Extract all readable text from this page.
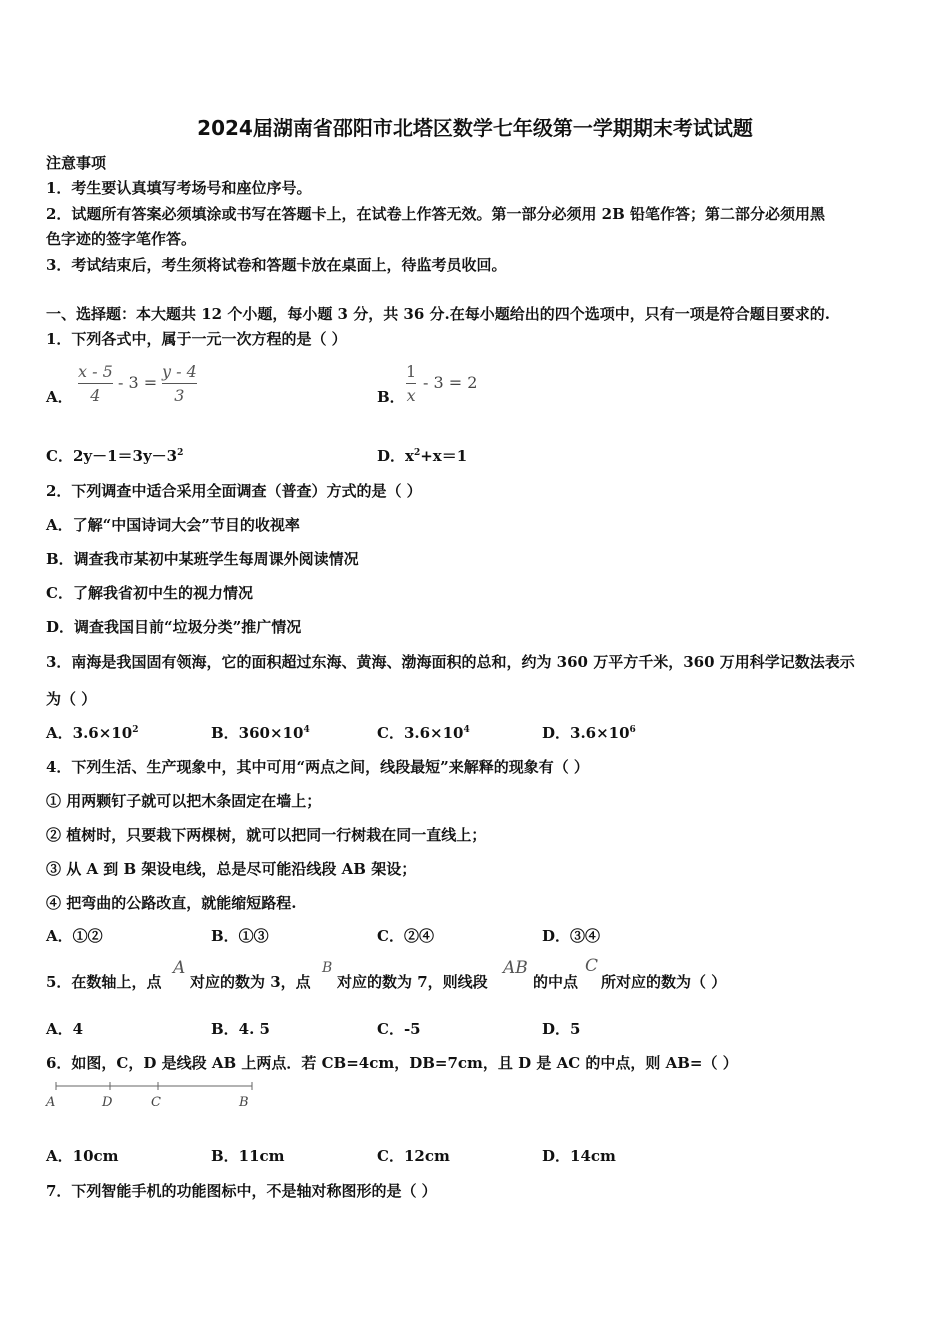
2024届湖南省邵阳市北塔区数学七年级第一学期期末考试试题
注意事项
1．考生要认真填写考场号和座位序号。
2．试题所有答案必须填涂或书写在答题卡上，在试卷上作答无效。第一部分必须用 2B 铅笔作答；第二部分必须用黑
色字迹的签字笔作答。
3．考试结束后，考生须将试卷和答题卡放在桌面上，待监考员收回。
一、选择题：本大题共 12 个小题，每小题 3 分，共 36 分.在每小题给出的四个选项中，只有一项是符合题目要求的.
1．下列各式中，属于一元一次方程的是（ ）
A．
x - 5
4
- 3 =
y - 4
3	B．
1
x
- 3 = 2
C．$2y-1=3y-3^2$	D．$x^2+x=1$
2．下列调查中适合采用全面调查（普查）方式的是（ ）
A．了解“中国诗词大会”节目的收视率
B．调查我市某初中某班学生每周课外阅读情况
C．了解我省初中生的视力情况
D．调查我国目前“垃圾分类”推广情况
3．南海是我国固有领海，它的面积超过东海、黄海、渤海面积的总和，约为 360 万平方千米，360 万用科学记数法表示
为（ ）
A．$3.6\times 10^2$	B．$360\times 10^4$	C．$3.6\times 10^4$	D．$3.6\times 10^6$
4．下列生活、生产现象中，其中可用“两点之间，线段最短”来解释的现象有（ ）
① 用两颗钉子就可以把木条固定在墙上；
② 植树时，只要栽下两棵树，就可以把同一行树栽在同一直线上；
③ 从 A 到 B 架设电线，总是尽可能沿线段 AB 架设；
④ 把弯曲的公路改直，就能缩短路程.
A．①②	B．①③	C．②④	D．③④
5．在数轴上，点
A
对应的数为 3，点
B
对应的数为 7，则线段
AB
的中点
C
所对应的数为（ ）
A．4	B．4. 5	C．-5	D．5
6．如图，C，D 是线段 AB 上两点．若 CB=4cm，DB=7cm，且 D 是 AC 的中点，则 AB=（ ）
A	D	C	B
A．10cm	B．11cm	C．12cm	D．14cm
7．下列智能手机的功能图标中，不是轴对称图形的是（ ）
